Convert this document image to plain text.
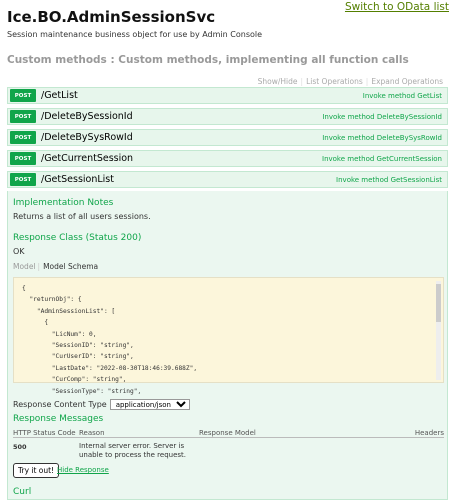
Switch to OData list
Ice.BO.AdminSessionSvc
Session maintenance business object for use by Admin Console
Custom methods : Custom methods, implementing all function calls
Show/Hide | List Operations | Expand Operations
POST	/GetList	Invoke method GetList
POST	/DeleteBySessionId	Invoke method DeleteBySessionId
POST	/DeleteBySysRowId	Invoke method DeleteBySysRowId
POST	/GetCurrentSession	Invoke method GetCurrentSession
POST	/GetSessionList	Invoke method GetSessionList
Implementation Notes
Returns a list of all users sessions.
Response Class (Status 200)
OK
Model | Model Schema
{
"returnObj": {
"AdminSessionList": [
{
"LicNum": 0,
"SessionID": "string",
"CurUserID": "string",
"LastDate": "2022-08-30T18:46:39.688Z",
"CurComp": "string",
"SessionType": "string",
Response Content Type
application/json
Response Messages
HTTP Status Code Reason	Response Model	Headers
500	Internal server error. Server is unable to process the request.
Try it out! Hide Response
Curl
